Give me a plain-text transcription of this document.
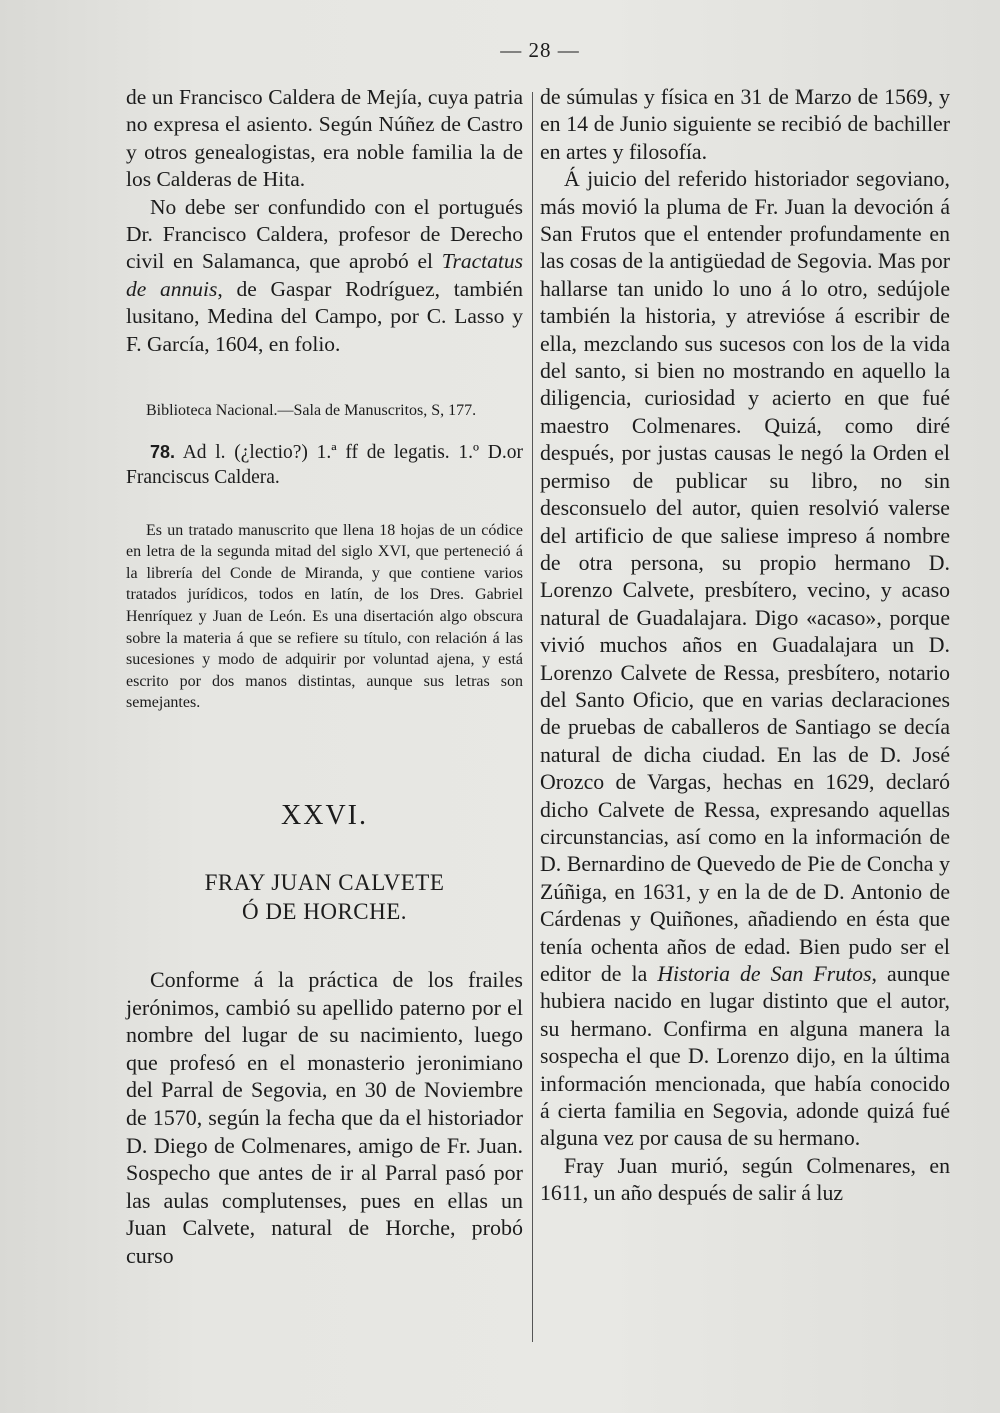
— 28 —

de un Francisco Caldera de Mejía, cuya patria no expresa el asiento. Según Núñez de Castro y otros genealogistas, era noble familia la de los Calderas de Hita.

No debe ser confundido con el portugués Dr. Francisco Caldera, profesor de Derecho civil en Salamanca, que aprobó el Tractatus de annuis, de Gaspar Rodríguez, también lusitano, Medina del Campo, por C. Lasso y F. García, 1604, en folio.

Biblioteca Nacional.—Sala de Manuscritos, S, 177.

78. Ad l. (¿lectio?) 1.ª ff de legatis. 1.º D.or Franciscus Caldera.

Es un tratado manuscrito que llena 18 hojas de un códice en letra de la segunda mitad del siglo XVI, que perteneció á la librería del Conde de Miranda, y que contiene varios tratados jurídicos, todos en latín, de los Dres. Gabriel Henríquez y Juan de León. Es una disertación algo obscura sobre la materia á que se refiere su título, con relación á las sucesiones y modo de adquirir por voluntad ajena, y está escrito por dos manos distintas, aunque sus letras son semejantes.

XXVI.
FRAY JUAN CALVETE
Ó DE HORCHE.

Conforme á la práctica de los frailes jerónimos, cambió su apellido paterno por el nombre del lugar de su nacimiento, luego que profesó en el monasterio jeronimiano del Parral de Segovia, en 30 de Noviembre de 1570, según la fecha que da el historiador D. Diego de Colmenares, amigo de Fr. Juan. Sospecho que antes de ir al Parral pasó por las aulas complutenses, pues en ellas un Juan Calvete, natural de Horche, probó curso

de súmulas y física en 31 de Marzo de 1569, y en 14 de Junio siguiente se recibió de bachiller en artes y filosofía.

Á juicio del referido historiador segoviano, más movió la pluma de Fr. Juan la devoción á San Frutos que el entender profundamente en las cosas de la antigüedad de Segovia. Mas por hallarse tan unido lo uno á lo otro, sedújole también la historia, y atrevióse á escribir de ella, mezclando sus sucesos con los de la vida del santo, si bien no mostrando en aquello la diligencia, curiosidad y acierto en que fué maestro Colmenares. Quizá, como diré después, por justas causas le negó la Orden el permiso de publicar su libro, no sin desconsuelo del autor, quien resolvió valerse del artificio de que saliese impreso á nombre de otra persona, su propio hermano D. Lorenzo Calvete, presbítero, vecino, y acaso natural de Guadalajara. Digo «acaso», porque vivió muchos años en Guadalajara un D. Lorenzo Calvete de Ressa, presbítero, notario del Santo Oficio, que en varias declaraciones de pruebas de caballeros de Santiago se decía natural de dicha ciudad. En las de D. José Orozco de Vargas, hechas en 1629, declaró dicho Calvete de Ressa, expresando aquellas circunstancias, así como en la información de D. Bernardino de Quevedo de Pie de Concha y Zúñiga, en 1631, y en la de de D. Antonio de Cárdenas y Quiñones, añadiendo en ésta que tenía ochenta años de edad. Bien pudo ser el editor de la Historia de San Frutos, aunque hubiera nacido en lugar distinto que el autor, su hermano. Confirma en alguna manera la sospecha el que D. Lorenzo dijo, en la última información mencionada, que había conocido á cierta familia en Segovia, adonde quizá fué alguna vez por causa de su hermano.

Fray Juan murió, según Colmenares, en 1611, un año después de salir á luz
